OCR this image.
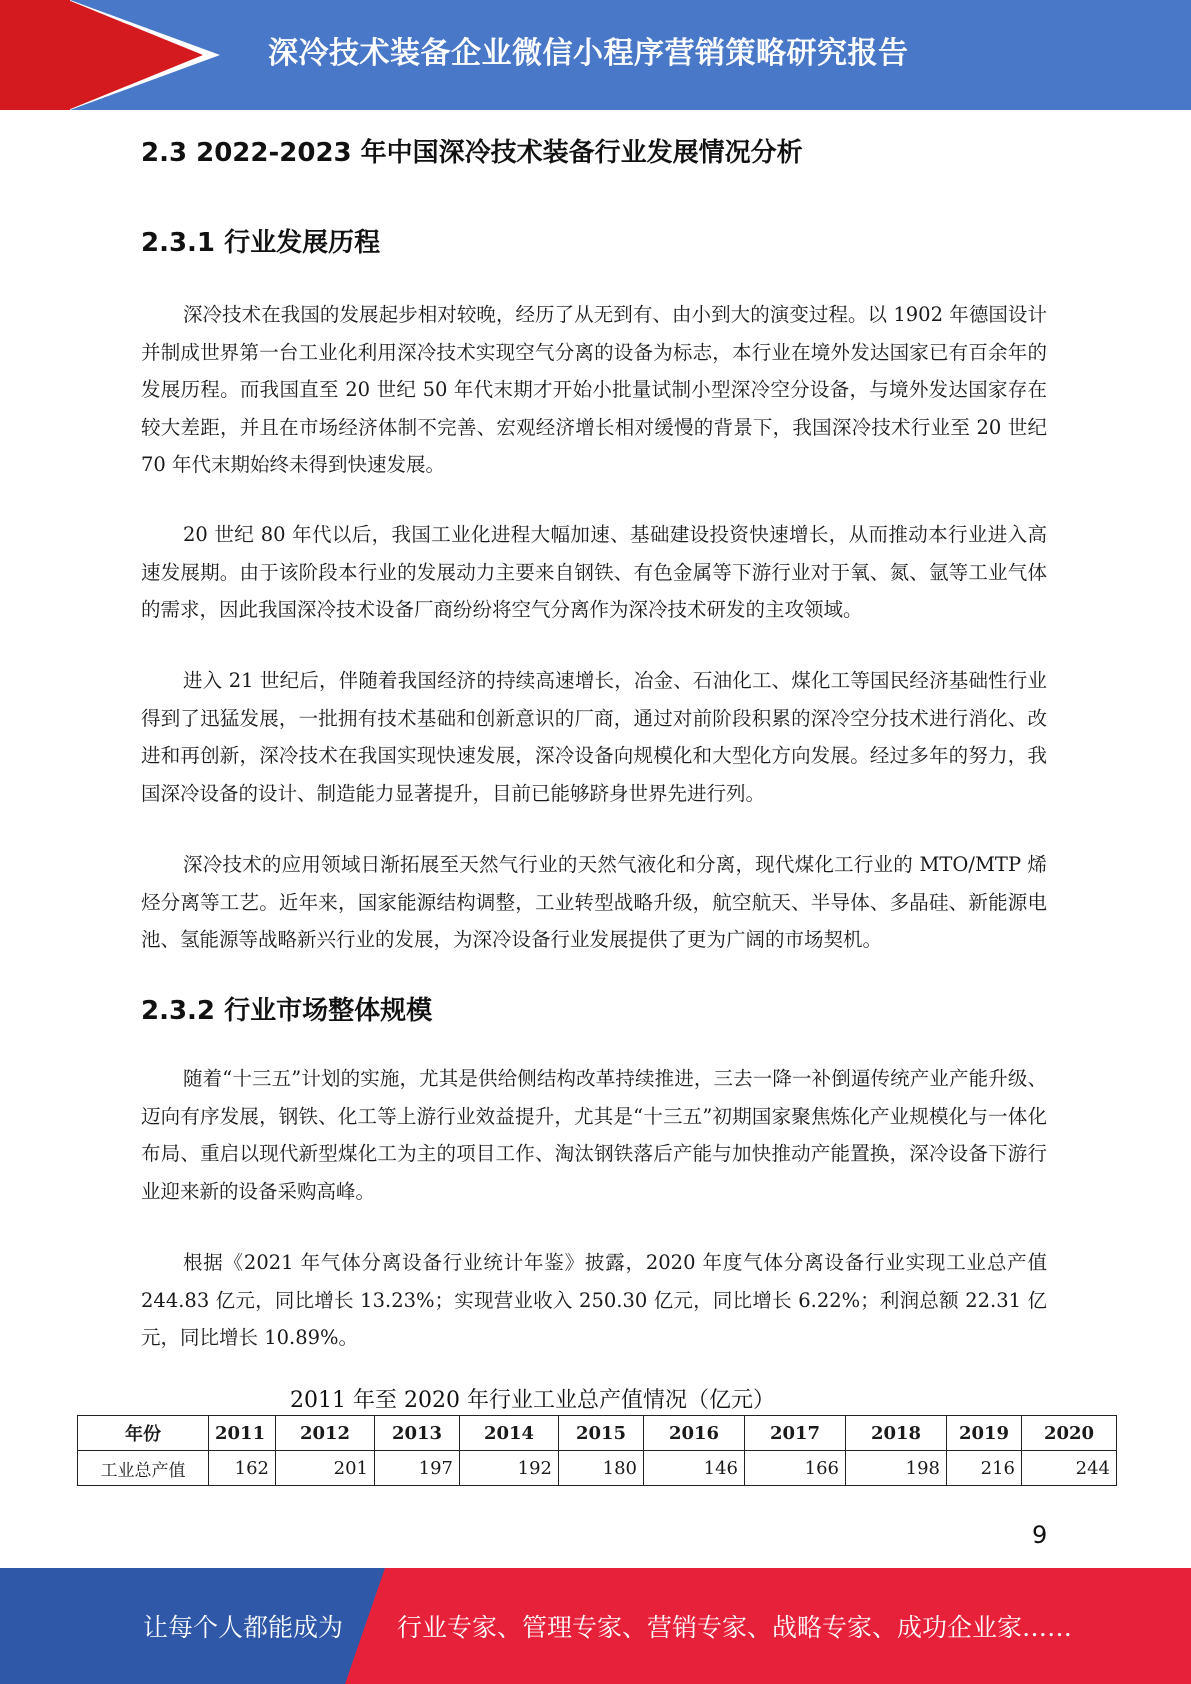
深冷技术装备企业微信小程序营销策略研究报告
2.3 2022-2023 年中国深冷技术装备行业发展情况分析
2.3.1 行业发展历程
深冷技术在我国的发展起步相对较晚，经历了从无到有、由小到大的演变过程。以 1902 年德国设计并制成世界第一台工业化利用深冷技术实现空气分离的设备为标志，本行业在境外发达国家已有百余年的发展历程。而我国直至 20 世纪 50 年代末期才开始小批量试制小型深冷空分设备，与境外发达国家存在较大差距，并且在市场经济体制不完善、宏观经济增长相对缓慢的背景下，我国深冷技术行业至 20 世纪 70 年代末期始终未得到快速发展。
20 世纪 80 年代以后，我国工业化进程大幅加速、基础建设投资快速增长，从而推动本行业进入高速发展期。由于该阶段本行业的发展动力主要来自钢铁、有色金属等下游行业对于氧、氮、氩等工业气体的需求，因此我国深冷技术设备厂商纷纷将空气分离作为深冷技术研发的主攻领域。
进入 21 世纪后，伴随着我国经济的持续高速增长，冶金、石油化工、煤化工等国民经济基础性行业得到了迅猛发展，一批拥有技术基础和创新意识的厂商，通过对前阶段积累的深冷空分技术进行消化、改进和再创新，深冷技术在我国实现快速发展，深冷设备向规模化和大型化方向发展。经过多年的努力，我国深冷设备的设计、制造能力显著提升，目前已能够跻身世界先进行列。
深冷技术的应用领域日渐拓展至天然气行业的天然气液化和分离，现代煤化工行业的 MTO/MTP 烯烃分离等工艺。近年来，国家能源结构调整，工业转型战略升级，航空航天、半导体、多晶硅、新能源电池、氢能源等战略新兴行业的发展，为深冷设备行业发展提供了更为广阔的市场契机。
2.3.2 行业市场整体规模
随着“十三五”计划的实施，尤其是供给侧结构改革持续推进，三去一降一补倒逼传统产业产能升级、迈向有序发展，钢铁、化工等上游行业效益提升，尤其是“十三五”初期国家聚焦炼化产业规模化与一体化布局、重启以现代新型煤化工为主的项目工作、淘汰钢铁落后产能与加快推动产能置换，深冷设备下游行业迎来新的设备采购高峰。
根据《2021 年气体分离设备行业统计年鉴》披露，2020 年度气体分离设备行业实现工业总产值 244.83 亿元，同比增长 13.23%；实现营业收入 250.30 亿元，同比增长 6.22%；利润总额 22.31 亿元，同比增长 10.89%。
2011 年至 2020 年行业工业总产值情况（亿元）
年份	2011	2012	2013	2014	2015	2016	2017	2018	2019	2020
工业总产值	162	201	197	192	180	146	166	198	216	244
9
让每个人都能成为 行业专家、管理专家、营销专家、战略专家、成功企业家……
